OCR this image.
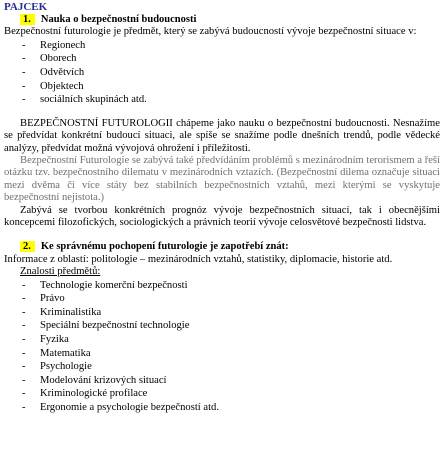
PAJCEK
1. Nauka o bezpečnostní budoucnosti

Bezpečnostní futurologie je předmět, který se zabývá budoucností vývoje bezpečnostní situace v:

- Regionech
- Oborech
- Odvětvích
- Objektech
- sociálních skupinách atd.

BEZPEČNOSTNÍ FUTUROLOGII chápeme jako nauku o bezpečnostní budoucnosti. Nesnažíme se předvídat konkrétní budoucí situaci, ale spíše se snažíme podle dnešních trendů, podle vědecké analýzy, předvídat možná vývojová ohrožení i příležitosti.

Bezpečnostní Futurologie se zabývá také předvídáním problémů s mezinárodním terorismem a řeší otázku tzv. bezpečnostního dilematu v mezinárodních vztazích. (Bezpečnostní dilema označuje situaci mezi dvěma či více státy bez stabilních bezpečnostních vztahů, mezi kterými se vyskytuje bezpečnostní nejistota.)

Zabývá se tvorbou konkrétních prognóz vývoje bezpečnostních situací, tak i obecnějšími koncepcemi filozofických, sociologických a právních teorií vývoje celosvětové bezpečnosti lidstva.

2. Ke správnému pochopení futurologie je zapotřebí znát:

Informace z oblastí: politologie – mezinárodních vztahů, statistiky, diplomacie, historie atd.

Znalosti předmětů:
- Technologie komerční bezpečnosti
- Právo
- Kriminalistika
- Speciální bezpečnostní technologie
- Fyzika
- Matematika
- Psychologie
- Modelování krizových situací
- Kriminologické profilace
- Ergonomie a psychologie bezpečností atd.
